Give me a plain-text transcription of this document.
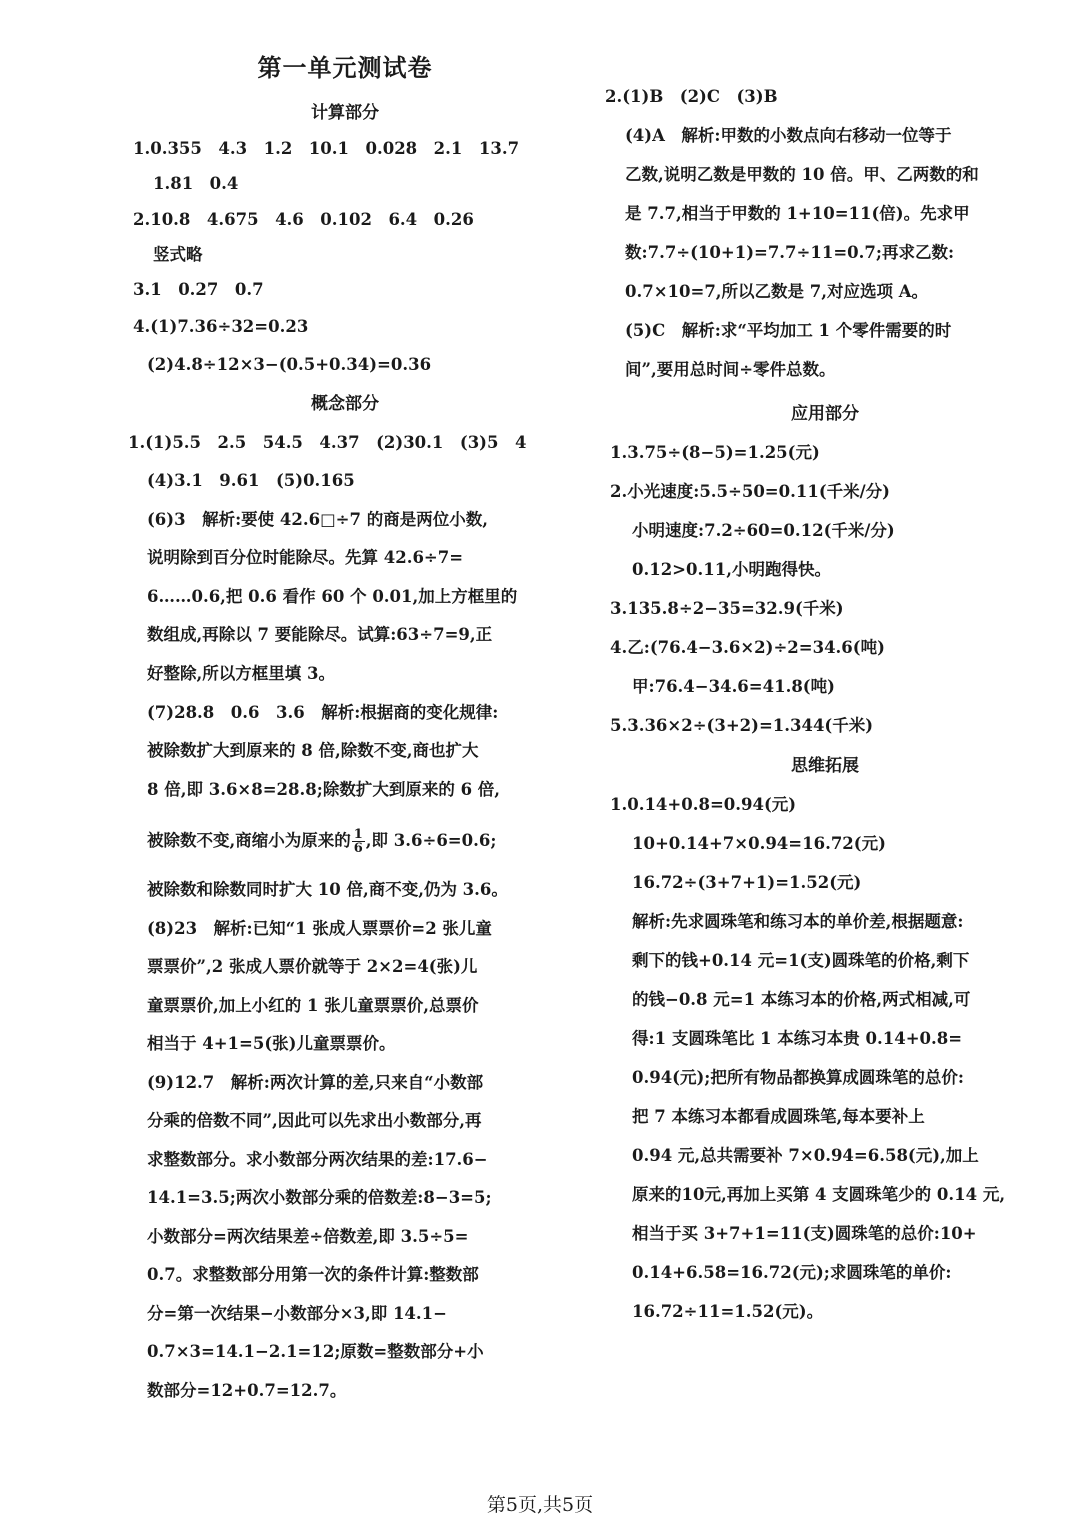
第一单元测试卷
计算部分
1.0.355　4.3　1.2　10.1　0.028　2.1　13.7
1.81　0.4
2.10.8　4.675　4.6　0.102　6.4　0.26
竖式略
3.1　0.27　0.7
4.(1)7.36÷32=0.23
(2)4.8÷12×3−(0.5+0.34)=0.36
概念部分
1.(1)5.5　2.5　54.5　4.37　(2)30.1　(3)5　4
(4)3.1　9.61　(5)0.165
(6)3　解析:要使 42.6□÷7 的商是两位小数,
说明除到百分位时能除尽。先算 42.6÷7=
6……0.6,把 0.6 看作 60 个 0.01,加上方框里的
数组成,再除以 7 要能除尽。试算:63÷7=9,正
好整除,所以方框里填 3。
(7)28.8　0.6　3.6　解析:根据商的变化规律:
被除数扩大到原来的 8 倍,除数不变,商也扩大
8 倍,即 3.6×8=28.8;除数扩大到原来的 6 倍,
被除数不变,商缩小为原来的 $\frac{1}{6}$ ,即 3.6÷6=0.6;
被除数和除数同时扩大 10 倍,商不变,仍为 3.6。
(8)23　解析:已知“1 张成人票票价=2 张儿童
票票价”,2 张成人票价就等于 2×2=4(张)儿
童票票价,加上小红的 1 张儿童票票价,总票价
相当于 4+1=5(张)儿童票票价。
(9)12.7　解析:两次计算的差,只来自“小数部
分乘的倍数不同”,因此可以先求出小数部分,再
求整数部分。求小数部分两次结果的差:17.6−
14.1=3.5;两次小数部分乘的倍数差:8−3=5;
小数部分=两次结果差÷倍数差,即 3.5÷5=
0.7。求整数部分用第一次的条件计算:整数部
分=第一次结果−小数部分×3,即 14.1−
0.7×3=14.1−2.1=12;原数=整数部分+小
数部分=12+0.7=12.7。
2.(1)B　(2)C　(3)B
(4)A　解析:甲数的小数点向右移动一位等于
乙数,说明乙数是甲数的 10 倍。甲、乙两数的和
是 7.7,相当于甲数的 1+10=11(倍)。先求甲
数:7.7÷(10+1)=7.7÷11=0.7;再求乙数:
0.7×10=7,所以乙数是 7,对应选项 A。
(5)C　解析:求“平均加工 1 个零件需要的时
间”,要用总时间÷零件总数。
应用部分
1.3.75÷(8−5)=1.25(元)
2.小光速度:5.5÷50=0.11(千米/分)
小明速度:7.2÷60=0.12(千米/分)
0.12>0.11,小明跑得快。
3.135.8÷2−35=32.9(千米)
4.乙:(76.4−3.6×2)÷2=34.6(吨)
甲:76.4−34.6=41.8(吨)
5.3.36×2÷(3+2)=1.344(千米)
思维拓展
1.0.14+0.8=0.94(元)
10+0.14+7×0.94=16.72(元)
16.72÷(3+7+1)=1.52(元)
解析:先求圆珠笔和练习本的单价差,根据题意:
剩下的钱+0.14 元=1(支)圆珠笔的价格,剩下
的钱−0.8 元=1 本练习本的价格,两式相减,可
得:1 支圆珠笔比 1 本练习本贵 0.14+0.8=
0.94(元);把所有物品都换算成圆珠笔的总价:
把 7 本练习本都看成圆珠笔,每本要补上
0.94 元,总共需要补 7×0.94=6.58(元),加上
原来的10元,再加上买第 4 支圆珠笔少的 0.14 元,
相当于买 3+7+1=11(支)圆珠笔的总价:10+
0.14+6.58=16.72(元);求圆珠笔的单价:
16.72÷11=1.52(元)。
第5页,共5页
